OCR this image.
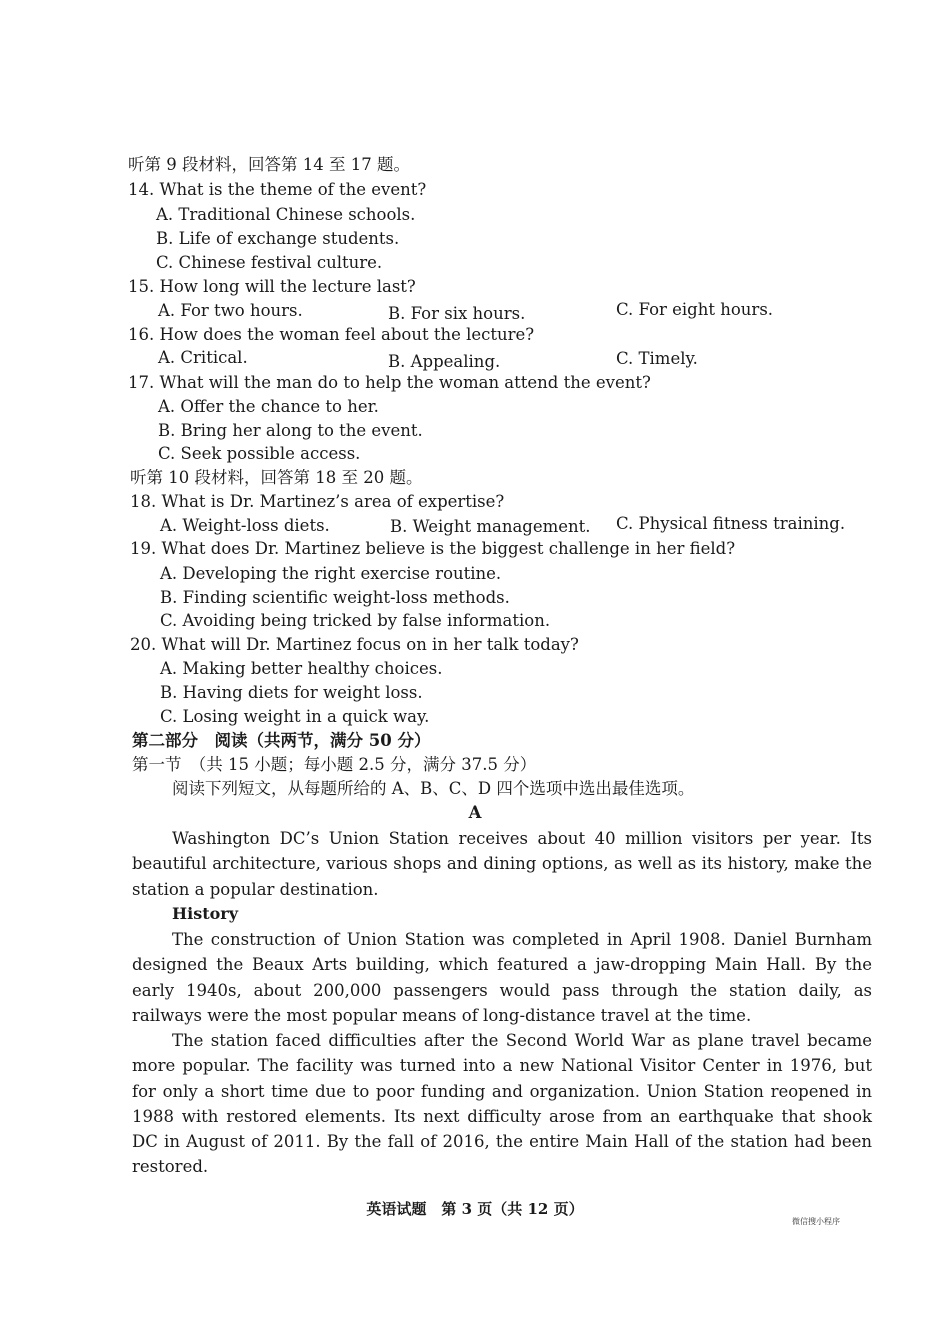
听第 9 段材料，回答第 14 至 17 题。
14. What is the theme of the event?
A. Traditional Chinese schools.
B. Life of exchange students.
C. Chinese festival culture.
15. How long will the lecture last?
A. For two hours.	B. For six hours.	C. For eight hours.
16. How does the woman feel about the lecture?
A. Critical.	B. Appealing.	C. Timely.
17. What will the man do to help the woman attend the event?
A. Offer the chance to her.
B. Bring her along to the event.
C. Seek possible access.
听第 10 段材料，回答第 18 至 20 题。
18. What is Dr. Martinez’s area of expertise?
A. Weight-loss diets.	B. Weight management. C. Physical fitness training.
19. What does Dr. Martinez believe is the biggest challenge in her field?
A. Developing the right exercise routine.
B. Finding scientific weight-loss methods.
C. Avoiding being tricked by false information.
20. What will Dr. Martinez focus on in her talk today?
A. Making better healthy choices.
B. Having diets for weight loss.
C. Losing weight in a quick way.
第二部分　阅读（共两节，满分 50 分）
第一节　（共 15 小题；每小题 2.5 分，满分 37.5 分）
阅读下列短文，从每题所给的 A、B、C、D 四个选项中选出最佳选项。
A

Washington DC’s Union Station receives about 40 million visitors per year. Its beautiful architecture, various shops and dining options, as well as its history, make the station a popular destination.

History

The construction of Union Station was completed in April 1908. Daniel Burnham designed the Beaux Arts building, which featured a jaw-dropping Main Hall. By the early 1940s, about 200,000 passengers would pass through the station daily, as railways were the most popular means of long-distance travel at the time.

The station faced difficulties after the Second World War as plane travel became more popular. The facility was turned into a new National Visitor Center in 1976, but for only a short time due to poor funding and organization. Union Station reopened in 1988 with restored elements. Its next difficulty arose from an earthquake that shook DC in August of 2011. By the fall of 2016, the entire Main Hall of the station had been restored.

英语试题　第 3 页（共 12 页）
微信搜小程序
